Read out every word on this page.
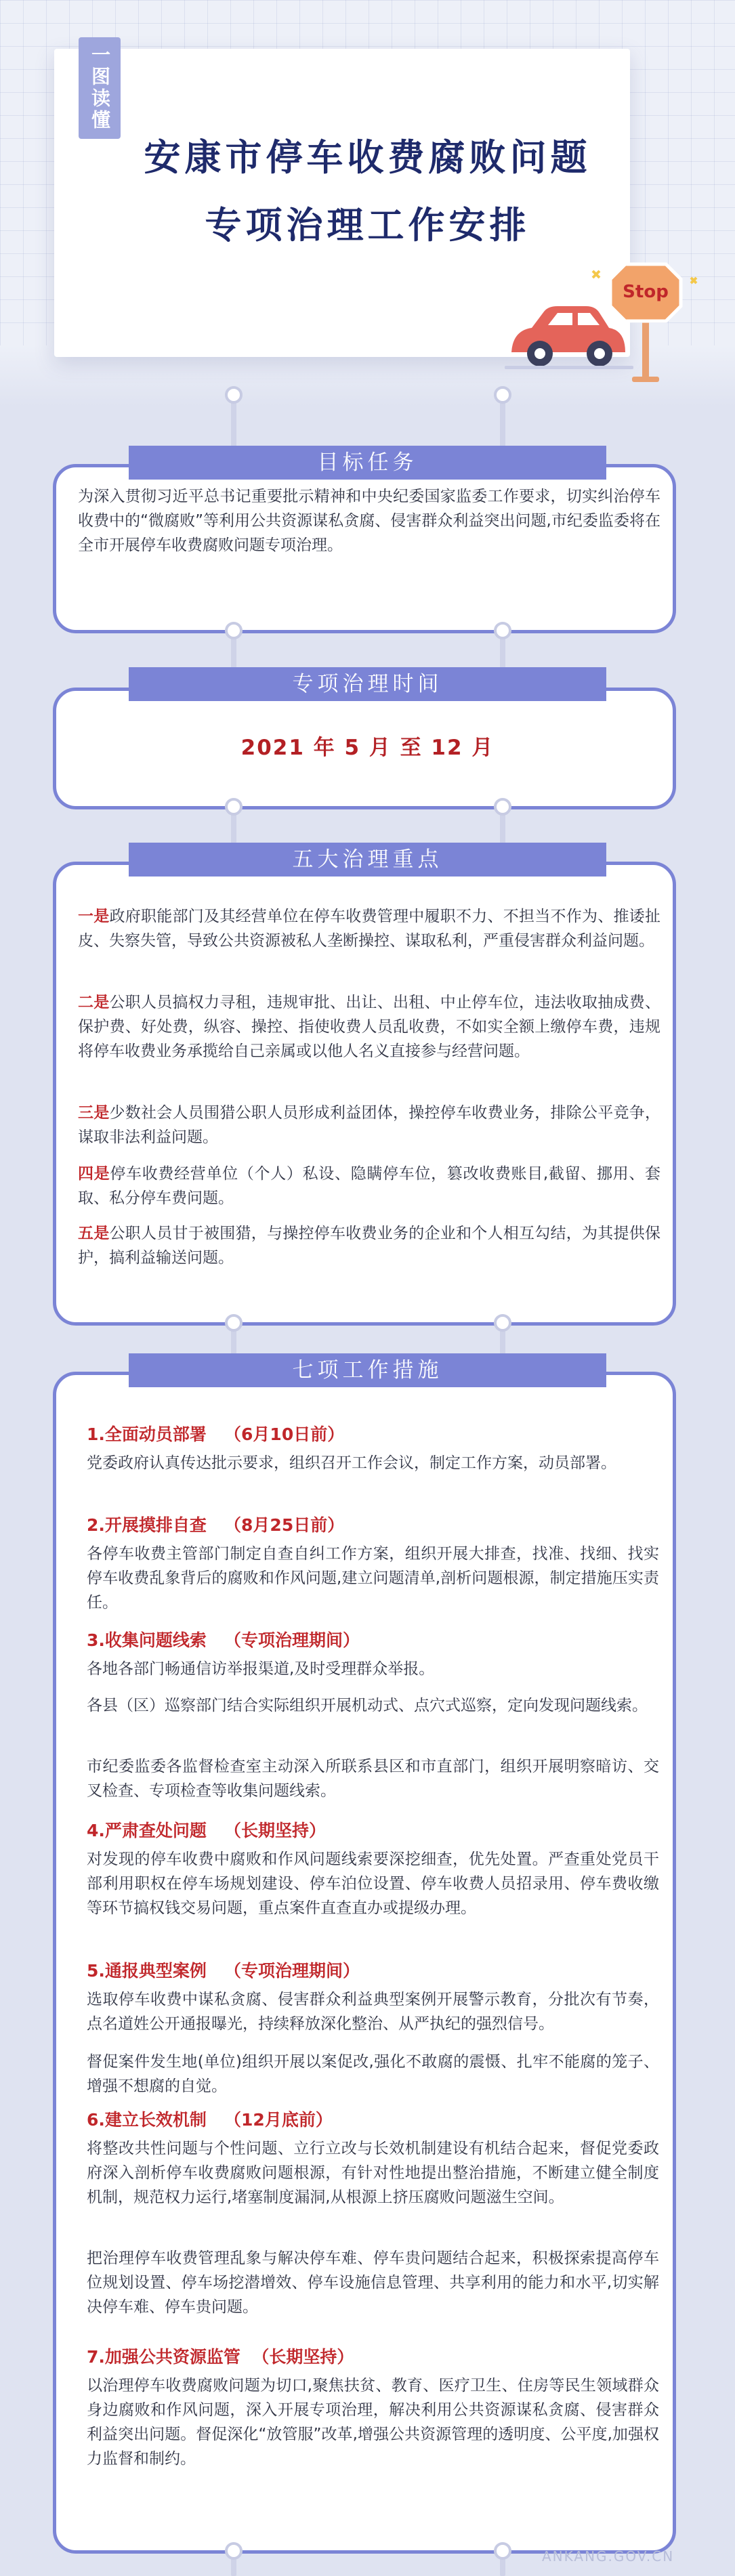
一图读懂
安康市停车收费腐败问题
专项治理工作安排
Stop
目标任务
为深入贯彻习近平总书记重要批示精神和中央纪委国家监委工作要求，切实纠治停车收费中的“微腐败”等利用公共资源谋私贪腐、侵害群众利益突出问题,市纪委监委将在全市开展停车收费腐败问题专项治理。
专项治理时间
2021 年 5 月 至 12 月
五大治理重点
一是政府职能部门及其经营单位在停车收费管理中履职不力、不担当不作为、推诿扯皮、失察失管，导致公共资源被私人垄断操控、谋取私利，严重侵害群众利益问题。
二是公职人员搞权力寻租，违规审批、出让、出租、中止停车位，违法收取抽成费、保护费、好处费，纵容、操控、指使收费人员乱收费，不如实全额上缴停车费，违规将停车收费业务承揽给自己亲属或以他人名义直接参与经营问题。
三是少数社会人员围猎公职人员形成利益团体，操控停车收费业务，排除公平竞争，谋取非法利益问题。
四是停车收费经营单位（个人）私设、隐瞒停车位，篡改收费账目,截留、挪用、套取、私分停车费问题。
五是公职人员甘于被围猎，与操控停车收费业务的企业和个人相互勾结，为其提供保护，搞利益输送问题。
七项工作措施
1.全面动员部署 （6月10日前）
党委政府认真传达批示要求，组织召开工作会议，制定工作方案，动员部署。
2.开展摸排自查 （8月25日前）
各停车收费主管部门制定自查自纠工作方案，组织开展大排查，找准、找细、找实停车收费乱象背后的腐败和作风问题,建立问题清单,剖析问题根源，制定措施压实责任。
3.收集问题线索 （专项治理期间）
各地各部门畅通信访举报渠道,及时受理群众举报。
各县（区）巡察部门结合实际组织开展机动式、点穴式巡察，定向发现问题线索。
市纪委监委各监督检查室主动深入所联系县区和市直部门，组织开展明察暗访、交叉检查、专项检查等收集问题线索。
4.严肃查处问题 （长期坚持）
对发现的停车收费中腐败和作风问题线索要深挖细查，优先处置。严查重处党员干部利用职权在停车场规划建设、停车泊位设置、停车收费人员招录用、停车费收缴等环节搞权钱交易问题，重点案件直查直办或提级办理。
5.通报典型案例 （专项治理期间）
选取停车收费中谋私贪腐、侵害群众利益典型案例开展警示教育，分批次有节奏，点名道姓公开通报曝光，持续释放深化整治、从严执纪的强烈信号。
督促案件发生地(单位)组织开展以案促改,强化不敢腐的震慑、扎牢不能腐的笼子、增强不想腐的自觉。
6.建立长效机制 （12月底前）
将整改共性问题与个性问题、立行立改与长效机制建设有机结合起来，督促党委政府深入剖析停车收费腐败问题根源，有针对性地提出整治措施，不断建立健全制度机制，规范权力运行,堵塞制度漏洞,从根源上挤压腐败问题滋生空间。
把治理停车收费管理乱象与解决停车难、停车贵问题结合起来，积极探索提高停车位规划设置、停车场挖潜增效、停车设施信息管理、共享利用的能力和水平,切实解决停车难、停车贵问题。
7.加强公共资源监管 （长期坚持）
以治理停车收费腐败问题为切口,聚焦扶贫、教育、医疗卫生、住房等民生领域群众身边腐败和作风问题，深入开展专项治理，解决利用公共资源谋私贪腐、侵害群众利益突出问题。督促深化“放管服”改革,增强公共资源管理的透明度、公平度,加强权力监督和制约。
ANKANG.GOV.CN
